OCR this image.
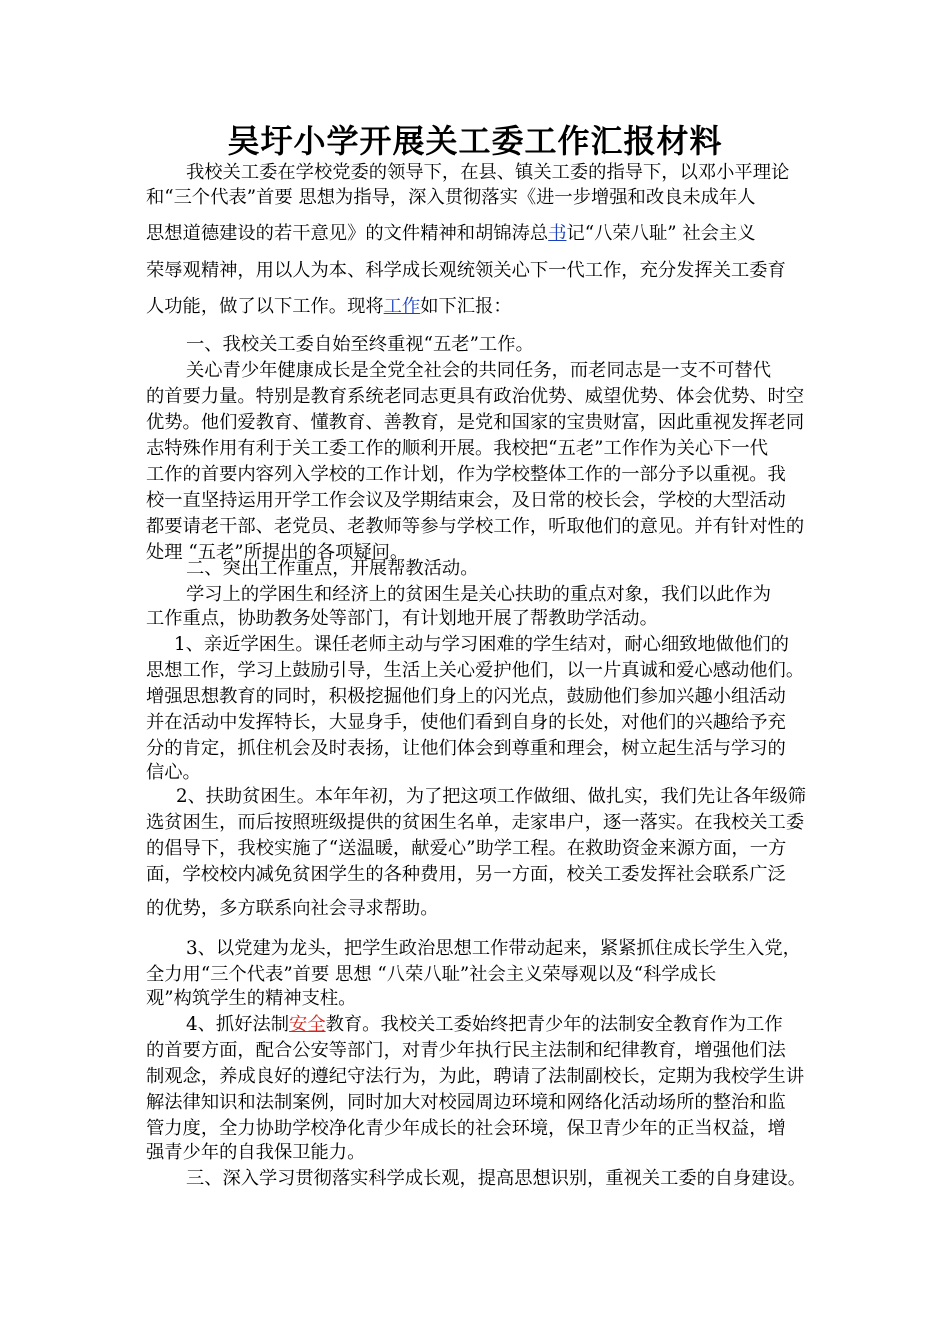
吴圩小学开展关工委工作汇报材料
我校关工委在学校党委的领导下，在县、镇关工委的指导下，以邓小平理论
和“三个代表”首要 思想为指导，深入贯彻落实《进一步增强和改良未成年人
思想道德建设的若干意见》的文件精神和胡锦涛总书记“八荣八耻” 社会主义
荣辱观精神，用以人为本、科学成长观统领关心下一代工作，充分发挥关工委育
人功能，做了以下工作。现将工作如下汇报：
一、我校关工委自始至终重视“五老”工作。
关心青少年健康成长是全党全社会的共同任务，而老同志是一支不可替代
的首要力量。特别是教育系统老同志更具有政治优势、威望优势、体会优势、时空
优势。他们爱教育、懂教育、善教育，是党和国家的宝贵财富，因此重视发挥老同
志特殊作用有利于关工委工作的顺利开展。我校把“五老”工作作为关心下一代
工作的首要内容列入学校的工作计划，作为学校整体工作的一部分予以重视。我
校一直坚持运用开学工作会议及学期结束会，及日常的校长会，学校的大型活动
都要请老干部、老党员、老教师等参与学校工作，听取他们的意见。并有针对性的
处理 “五老”所提出的各项疑问。
二、突出工作重点，开展帮教活动。
学习上的学困生和经济上的贫困生是关心扶助的重点对象，我们以此作为
工作重点，协助教务处等部门，有计划地开展了帮教助学活动。
1、亲近学困生。课任老师主动与学习困难的学生结对，耐心细致地做他们的
思想工作，学习上鼓励引导，生活上关心爱护他们，以一片真诚和爱心感动他们。
增强思想教育的同时，积极挖掘他们身上的闪光点，鼓励他们参加兴趣小组活动
并在活动中发挥特长，大显身手，使他们看到自身的长处，对他们的兴趣给予充
分的肯定，抓住机会及时表扬，让他们体会到尊重和理会，树立起生活与学习的
信心。
2、扶助贫困生。本年年初，为了把这项工作做细、做扎实，我们先让各年级筛
选贫困生，而后按照班级提供的贫困生名单，走家串户，逐一落实。在我校关工委
的倡导下，我校实施了“送温暖，献爱心”助学工程。在救助资金来源方面，一方
面，学校校内减免贫困学生的各种费用，另一方面，校关工委发挥社会联系广泛
的优势，多方联系向社会寻求帮助。
3、以党建为龙头，把学生政治思想工作带动起来，紧紧抓住成长学生入党，
全力用“三个代表”首要 思想 “八荣八耻”社会主义荣辱观以及“科学成长
观”构筑学生的精神支柱。
4、抓好法制安全教育。我校关工委始终把青少年的法制安全教育作为工作
的首要方面，配合公安等部门，对青少年执行民主法制和纪律教育，增强他们法
制观念，养成良好的遵纪守法行为，为此，聘请了法制副校长，定期为我校学生讲
解法律知识和法制案例，同时加大对校园周边环境和网络化活动场所的整治和监
管力度，全力协助学校净化青少年成长的社会环境，保卫青少年的正当权益，增
强青少年的自我保卫能力。
三、深入学习贯彻落实科学成长观，提高思想识别，重视关工委的自身建设。
